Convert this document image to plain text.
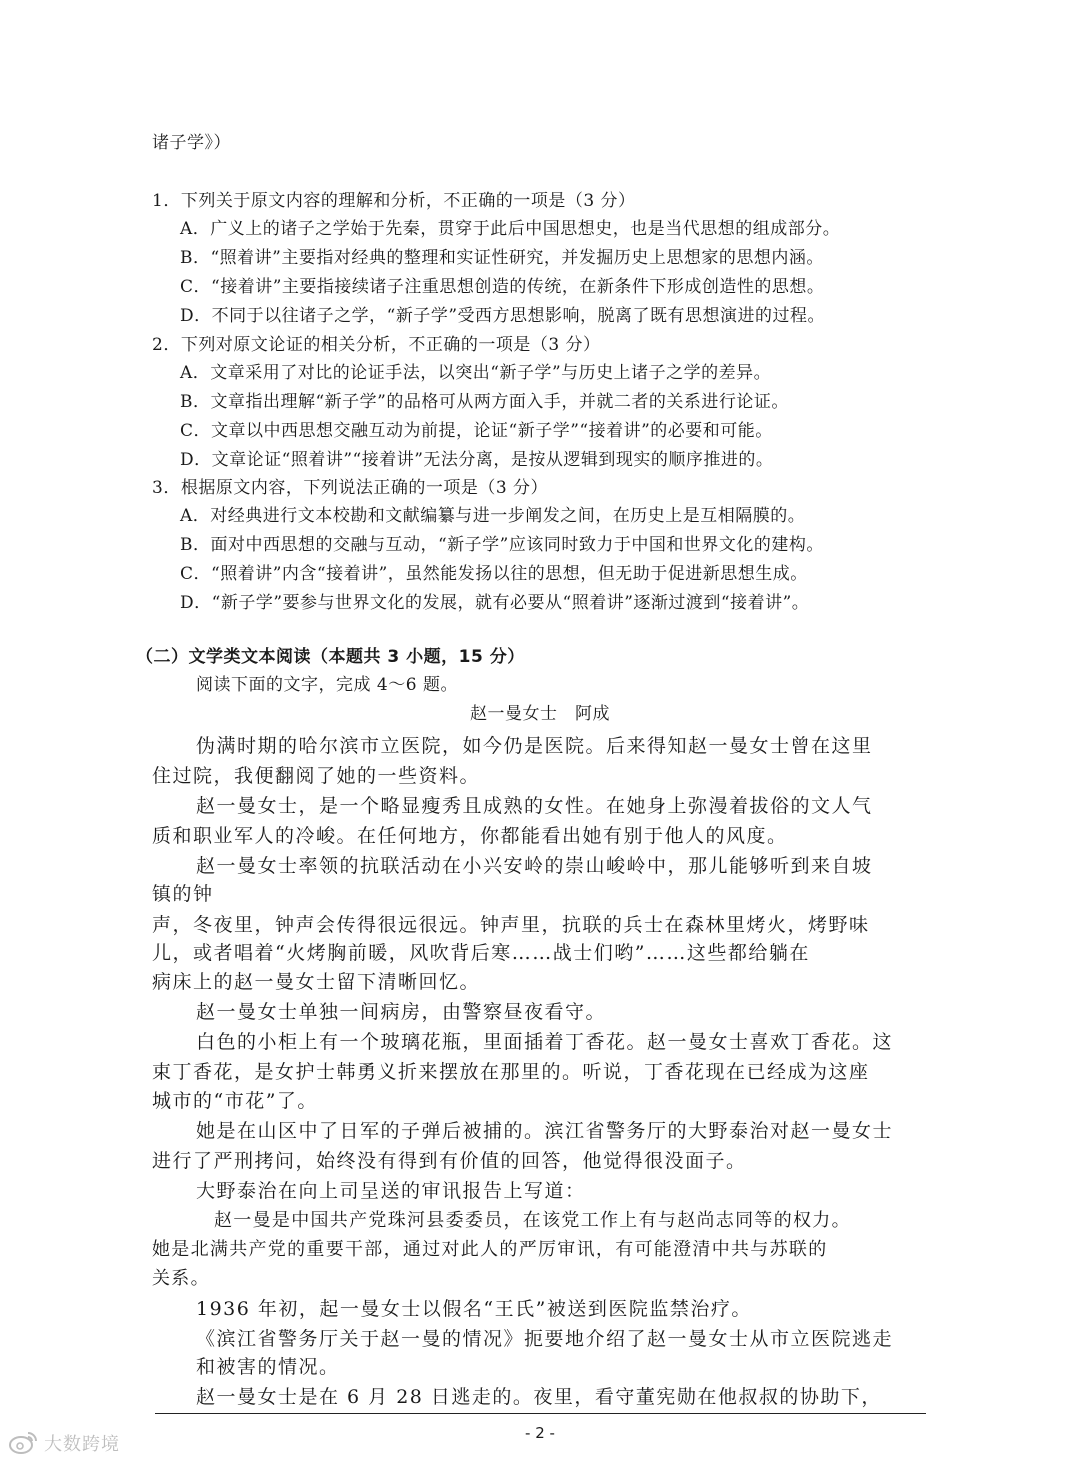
诸子学》）
1．下列关于原文内容的理解和分析，不正确的一项是（3 分）
A．广义上的诸子之学始于先秦，贯穿于此后中国思想史，也是当代思想的组成部分。
B．“照着讲”主要指对经典的整理和实证性研究，并发掘历史上思想家的思想内涵。
C．“接着讲”主要指接续诸子注重思想创造的传统，在新条件下形成创造性的思想。
D．不同于以往诸子之学，“新子学”受西方思想影响，脱离了既有思想演进的过程。
2．下列对原文论证的相关分析，不正确的一项是（3 分）
A．文章采用了对比的论证手法，以突出“新子学”与历史上诸子之学的差异。
B．文章指出理解“新子学”的品格可从两方面入手，并就二者的关系进行论证。
C．文章以中西思想交融互动为前提，论证“新子学”“接着讲”的必要和可能。
D．文章论证“照着讲”“接着讲”无法分离，是按从逻辑到现实的顺序推进的。
3．根据原文内容，下列说法正确的一项是（3 分）
A．对经典进行文本校勘和文献编纂与进一步阐发之间，在历史上是互相隔膜的。
B．面对中西思想的交融与互动，“新子学”应该同时致力于中国和世界文化的建构。
C．“照着讲”内含“接着讲”，虽然能发扬以往的思想，但无助于促进新思想生成。
D．“新子学”要参与世界文化的发展，就有必要从“照着讲”逐渐过渡到“接着讲”。
（二）文学类文本阅读（本题共 3 小题，15 分）
阅读下面的文字，完成 4～6 题。
赵一曼女士　阿成
伪满时期的哈尔滨市立医院，如今仍是医院。后来得知赵一曼女士曾在这里
住过院，我便翻阅了她的一些资料。
赵一曼女士，是一个略显瘦秀且成熟的女性。在她身上弥漫着拔俗的文人气
质和职业军人的冷峻。在任何地方，你都能看出她有别于他人的风度。
赵一曼女士率领的抗联活动在小兴安岭的崇山峻岭中，那儿能够听到来自坡
镇的钟
声，冬夜里，钟声会传得很远很远。钟声里，抗联的兵士在森林里烤火，烤野味
儿，或者唱着“火烤胸前暖，风吹背后寒……战士们哟”……这些都给躺在
病床上的赵一曼女士留下清晰回忆。
赵一曼女士单独一间病房，由警察昼夜看守。
白色的小柜上有一个玻璃花瓶，里面插着丁香花。赵一曼女士喜欢丁香花。这
束丁香花，是女护士韩勇义折来摆放在那里的。听说，丁香花现在已经成为这座
城市的“市花”了。
她是在山区中了日军的子弹后被捕的。滨江省警务厅的大野泰治对赵一曼女士
进行了严刑拷问，始终没有得到有价值的回答，他觉得很没面子。
大野泰治在向上司呈送的审讯报告上写道：
赵一曼是中国共产党珠河县委委员，在该党工作上有与赵尚志同等的权力。
她是北满共产党的重要干部，通过对此人的严厉审讯，有可能澄清中共与苏联的
关系。
1936 年初，起一曼女士以假名“王氏”被送到医院监禁治疗。
《滨江省警务厅关于赵一曼的情况》扼要地介绍了赵一曼女士从市立医院逃走
和被害的情况。
赵一曼女士是在 6 月 28 日逃走的。夜里，看守董宪勋在他叔叔的协助下，
- 2 -
大数跨境
